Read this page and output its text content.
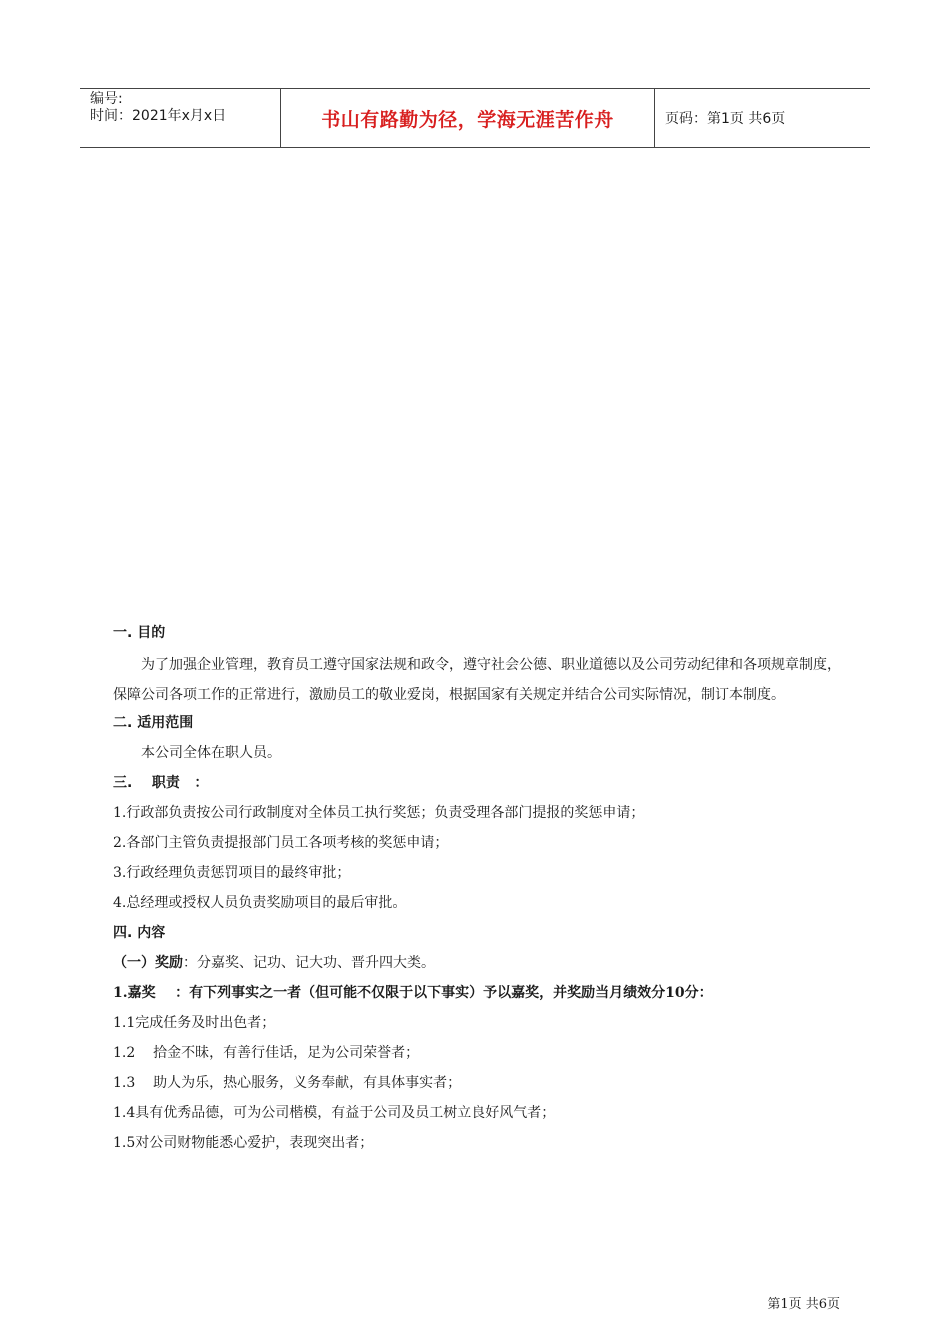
编号:
时间：2021年x月x日	书山有路勤为径，学海无涯苦作舟	页码：第1页 共6页
一. 目的
为了加强企业管理，教育员工遵守国家法规和政令，遵守社会公德、职业道德以及公司劳动纪律和各项规章制度，保障公司各项工作的正常进行，激励员工的敬业爱岗，根据国家有关规定并结合公司实际情况，制订本制度。
二. 适用范围
本公司全体在职人员。
三.    职责   ：
1.行政部负责按公司行政制度对全体员工执行奖惩；负责受理各部门提报的奖惩申请；
2.各部门主管负责提报部门员工各项考核的奖惩申请；
3.行政经理负责惩罚项目的最终审批；
4.总经理或授权人员负责奖励项目的最后审批。
四. 内容
（一）奖励：分嘉奖、记功、记大功、晋升四大类。
1.嘉奖    ：有下列事实之一者（但可能不仅限于以下事实）予以嘉奖，并奖励当月绩效分10分：
1.1完成任务及时出色者；
1.2    拾金不昧，有善行佳话，足为公司荣誉者；
1.3    助人为乐，热心服务，义务奉献，有具体事实者；
1.4具有优秀品德，可为公司楷模，有益于公司及员工树立良好风气者；
1.5对公司财物能悉心爱护，表现突出者；
第1页 共6页
